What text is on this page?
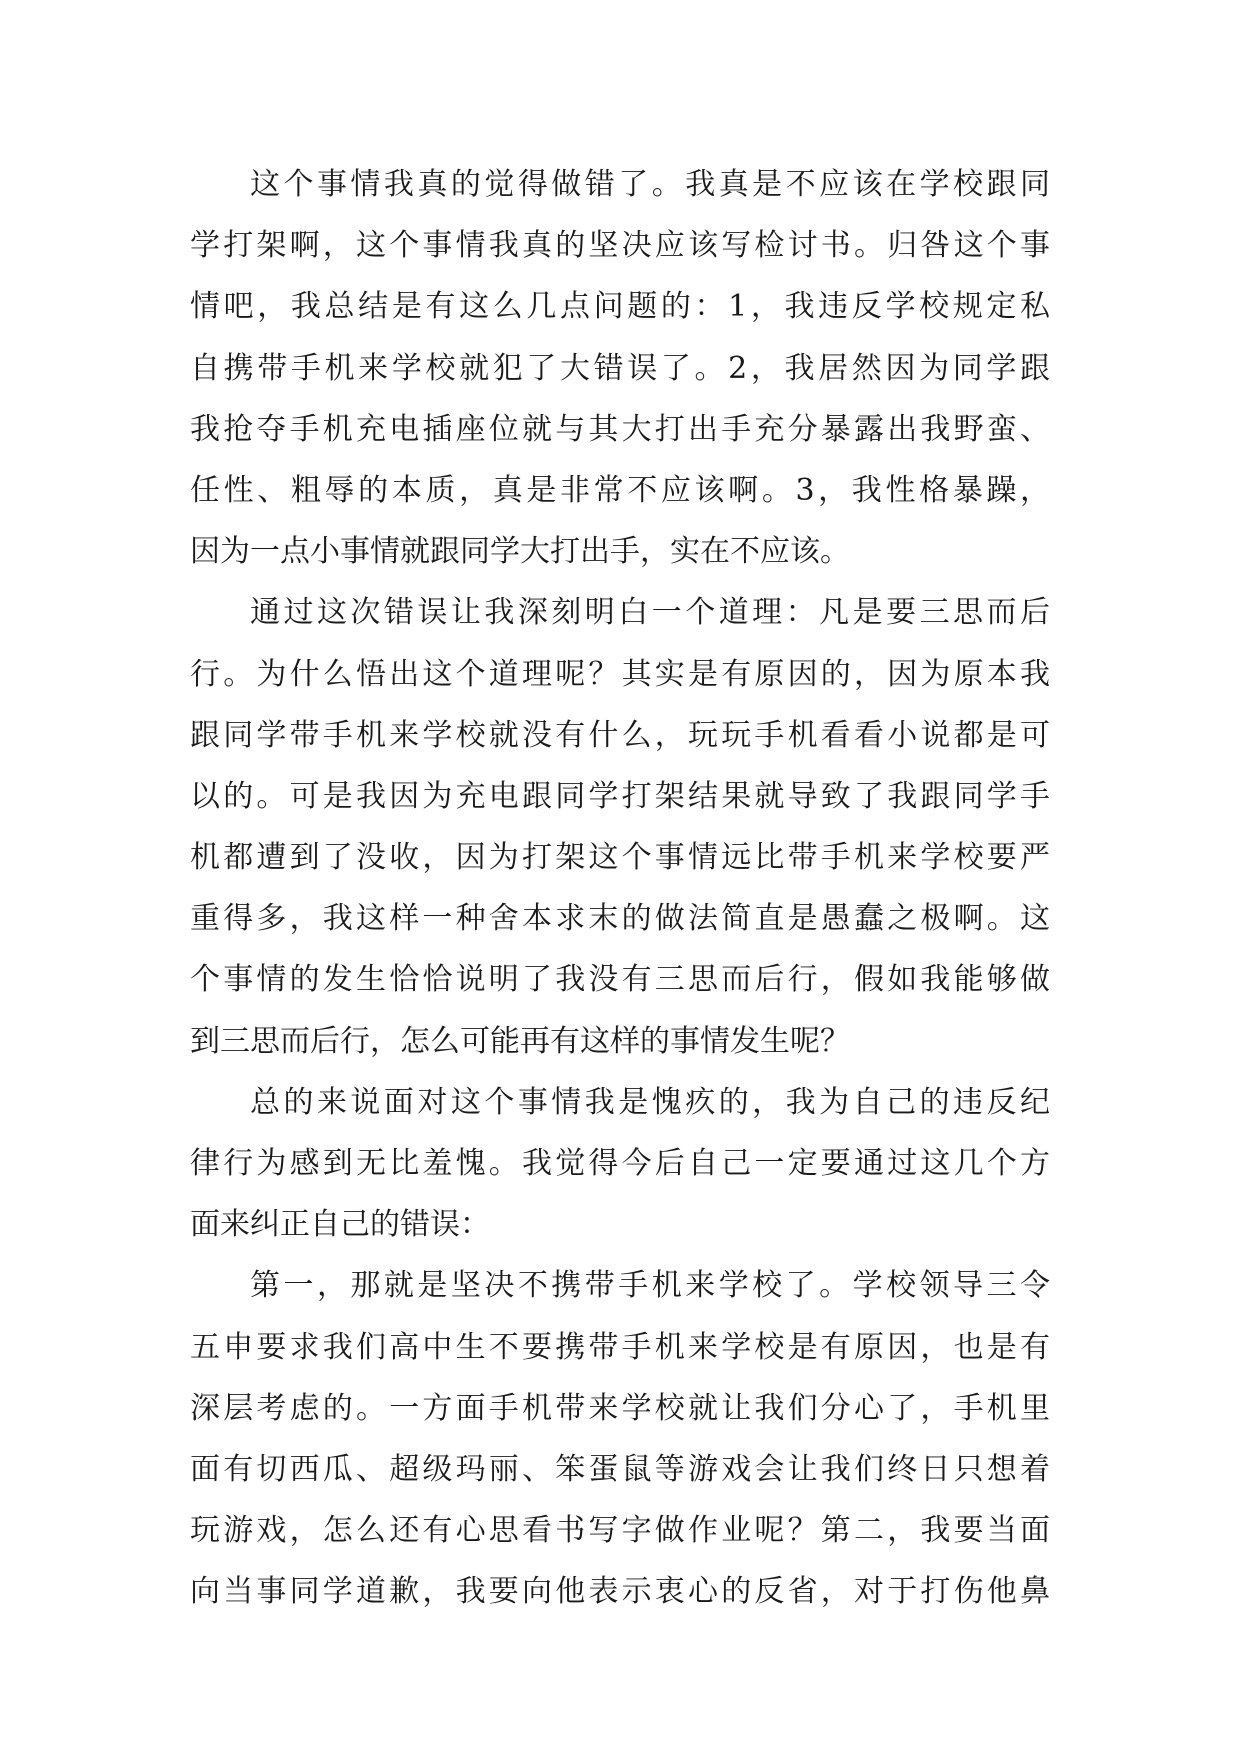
这个事情我真的觉得做错了。我真是不应该在学校跟同
学打架啊，这个事情我真的坚决应该写检讨书。归咎这个事
情吧，我总结是有这么几点问题的：1，我违反学校规定私
自携带手机来学校就犯了大错误了。2，我居然因为同学跟
我抢夺手机充电插座位就与其大打出手充分暴露出我野蛮、
任性、粗辱的本质，真是非常不应该啊。3，我性格暴躁，
因为一点小事情就跟同学大打出手，实在不应该。
通过这次错误让我深刻明白一个道理：凡是要三思而后
行。为什么悟出这个道理呢？其实是有原因的，因为原本我
跟同学带手机来学校就没有什么，玩玩手机看看小说都是可
以的。可是我因为充电跟同学打架结果就导致了我跟同学手
机都遭到了没收，因为打架这个事情远比带手机来学校要严
重得多，我这样一种舍本求末的做法简直是愚蠢之极啊。这
个事情的发生恰恰说明了我没有三思而后行，假如我能够做
到三思而后行，怎么可能再有这样的事情发生呢？
总的来说面对这个事情我是愧疚的，我为自己的违反纪
律行为感到无比羞愧。我觉得今后自己一定要通过这几个方
面来纠正自己的错误：
第一，那就是坚决不携带手机来学校了。学校领导三令
五申要求我们高中生不要携带手机来学校是有原因，也是有
深层考虑的。一方面手机带来学校就让我们分心了，手机里
面有切西瓜、超级玛丽、笨蛋鼠等游戏会让我们终日只想着
玩游戏，怎么还有心思看书写字做作业呢？第二，我要当面
向当事同学道歉，我要向他表示衷心的反省，对于打伤他鼻
